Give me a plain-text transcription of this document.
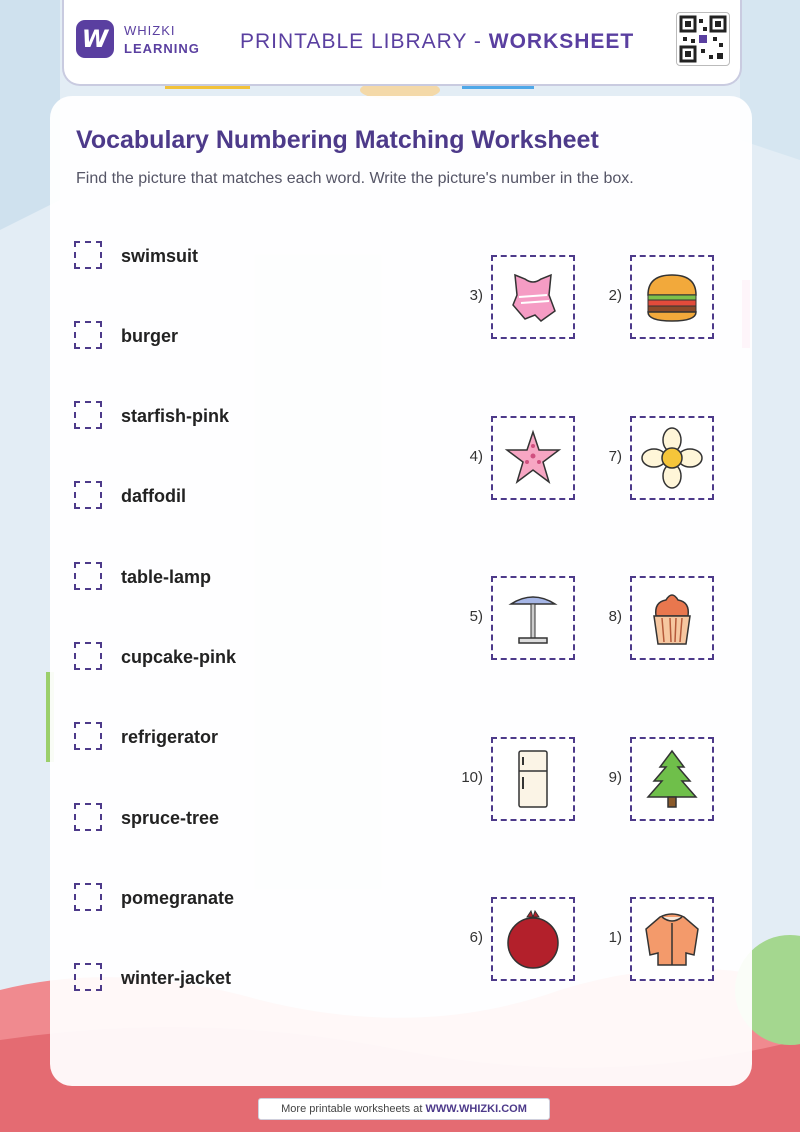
W	WHIZKI
LEARNING PRINTABLE LIBRARY - WORKSHEET
Vocabulary Numbering Matching Worksheet
Find the picture that matches each word. Write the picture's number in the box.
swimsuit
burger
starfish-pink
daffodil
table-lamp
cupcake-pink
refrigerator
spruce-tree
pomegranate
winter-jacket
3)	2)
4)	7)
5)	8)
10)	9)
6)	1)
More printable worksheets at WWW.WHIZKI.COM
